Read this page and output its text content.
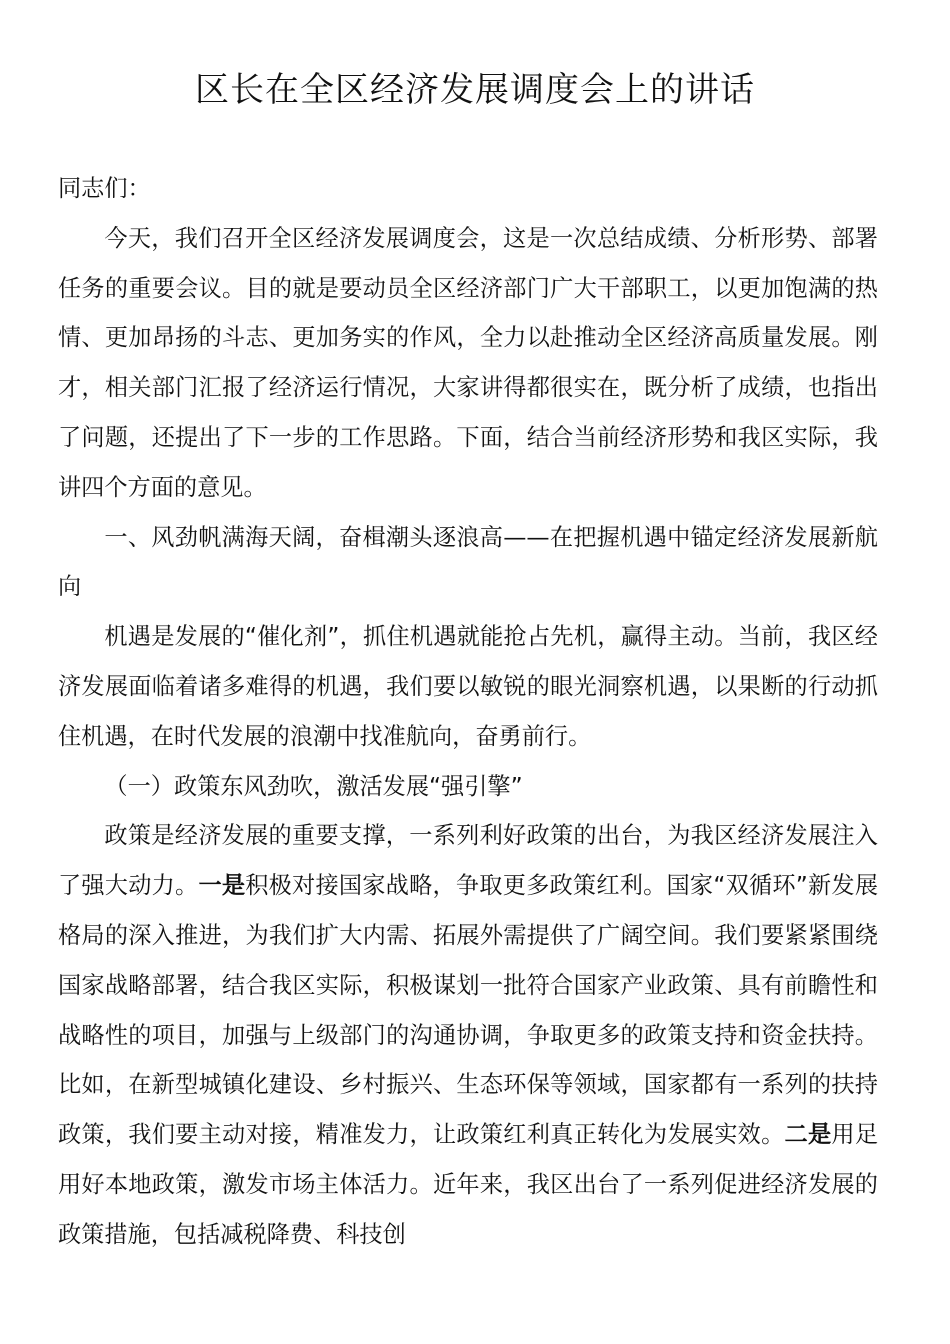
区长在全区经济发展调度会上的讲话

同志们：

今天，我们召开全区经济发展调度会，这是一次总结成绩、分析形势、部署任务的重要会议。目的就是要动员全区经济部门广大干部职工，以更加饱满的热情、更加昂扬的斗志、更加务实的作风，全力以赴推动全区经济高质量发展。刚才，相关部门汇报了经济运行情况，大家讲得都很实在，既分析了成绩，也指出了问题，还提出了下一步的工作思路。下面，结合当前经济形势和我区实际，我讲四个方面的意见。

一、风劲帆满海天阔，奋楫潮头逐浪高——在把握机遇中锚定经济发展新航向

机遇是发展的“催化剂”，抓住机遇就能抢占先机，赢得主动。当前，我区经济发展面临着诸多难得的机遇，我们要以敏锐的眼光洞察机遇，以果断的行动抓住机遇，在时代发展的浪潮中找准航向，奋勇前行。

（一）政策东风劲吹，激活发展“强引擎”

政策是经济发展的重要支撑，一系列利好政策的出台，为我区经济发展注入了强大动力。一是积极对接国家战略，争取更多政策红利。国家“双循环”新发展格局的深入推进，为我们扩大内需、拓展外需提供了广阔空间。我们要紧紧围绕国家战略部署，结合我区实际，积极谋划一批符合国家产业政策、具有前瞻性和战略性的项目，加强与上级部门的沟通协调，争取更多的政策支持和资金扶持。比如，在新型城镇化建设、乡村振兴、生态环保等领域，国家都有一系列的扶持政策，我们要主动对接，精准发力，让政策红利真正转化为发展实效。二是用足用好本地政策，激发市场主体活力。近年来，我区出台了一系列促进经济发展的政策措施，包括减税降费、科技创
